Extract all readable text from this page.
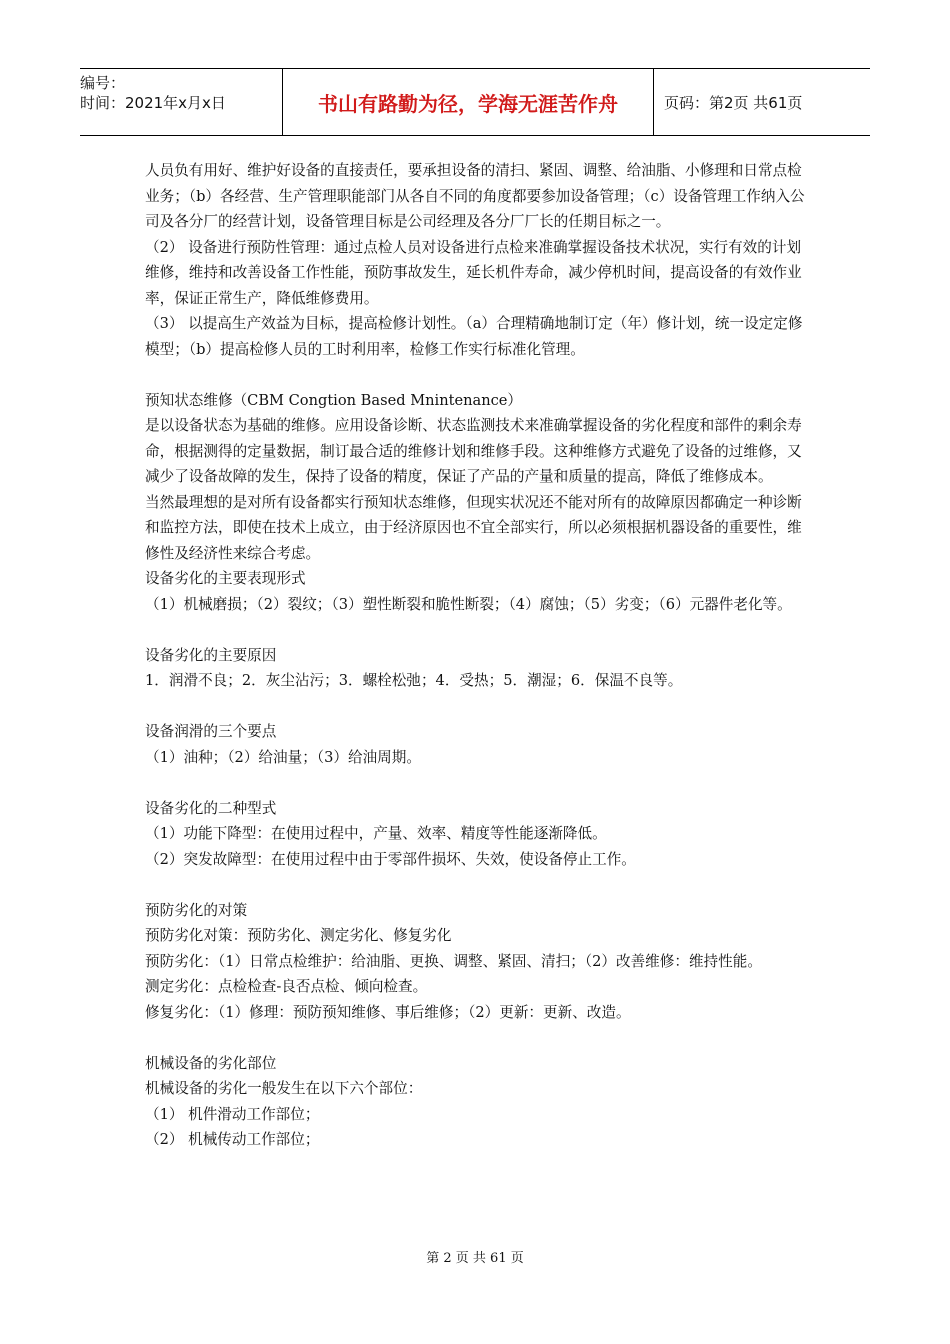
编号：
时间：2021年x月x日	书山有路勤为径，学海无涯苦作舟	页码：第2页 共61页

人员负有用好、维护好设备的直接责任，要承担设备的清扫、紧固、调整、给油脂、小修理和日常点检业务；（b）各经营、生产管理职能部门从各自不同的角度都要参加设备管理；（c）设备管理工作纳入公司及各分厂的经营计划，设备管理目标是公司经理及各分厂厂长的任期目标之一。

（2） 设备进行预防性管理：通过点检人员对设备进行点检来准确掌握设备技术状况，实行有效的计划维修，维持和改善设备工作性能，预防事故发生，延长机件寿命，减少停机时间，提高设备的有效作业率，保证正常生产，降低维修费用。

（3） 以提高生产效益为目标，提高检修计划性。（a）合理精确地制订定（年）修计划，统一设定定修模型；（b）提高检修人员的工时利用率，检修工作实行标准化管理。

预知状态维修（CBM Congtion Based Mnintenance）

是以设备状态为基础的维修。应用设备诊断、状态监测技术来准确掌握设备的劣化程度和部件的剩余寿命，根据测得的定量数据，制订最合适的维修计划和维修手段。这种维修方式避免了设备的过维修，又减少了设备故障的发生，保持了设备的精度，保证了产品的产量和质量的提高，降低了维修成本。

当然最理想的是对所有设备都实行预知状态维修，但现实状况还不能对所有的故障原因都确定一种诊断和监控方法，即使在技术上成立，由于经济原因也不宜全部实行，所以必须根据机器设备的重要性，维修性及经济性来综合考虑。

设备劣化的主要表现形式

（1）机械磨损；（2）裂纹；（3）塑性断裂和脆性断裂；（4）腐蚀；（5）劣变；（6）元器件老化等。

设备劣化的主要原因

1．润滑不良；2．灰尘沾污；3．螺栓松弛；4．受热；5．潮湿；6．保温不良等。

设备润滑的三个要点

（1）油种；（2）给油量；（3）给油周期。

设备劣化的二种型式

（1）功能下降型：在使用过程中，产量、效率、精度等性能逐渐降低。

（2）突发故障型：在使用过程中由于零部件损坏、失效，使设备停止工作。

预防劣化的对策

预防劣化对策：预防劣化、测定劣化、修复劣化

预防劣化：（1）日常点检维护：给油脂、更换、调整、紧固、清扫；（2）改善维修：维持性能。

测定劣化：点检检查-良否点检、倾向检查。

修复劣化：（1）修理：预防预知维修、事后维修；（2）更新：更新、改造。

机械设备的劣化部位

机械设备的劣化一般发生在以下六个部位：

（1） 机件滑动工作部位；

（2） 机械传动工作部位；

第 2 页 共 61 页
